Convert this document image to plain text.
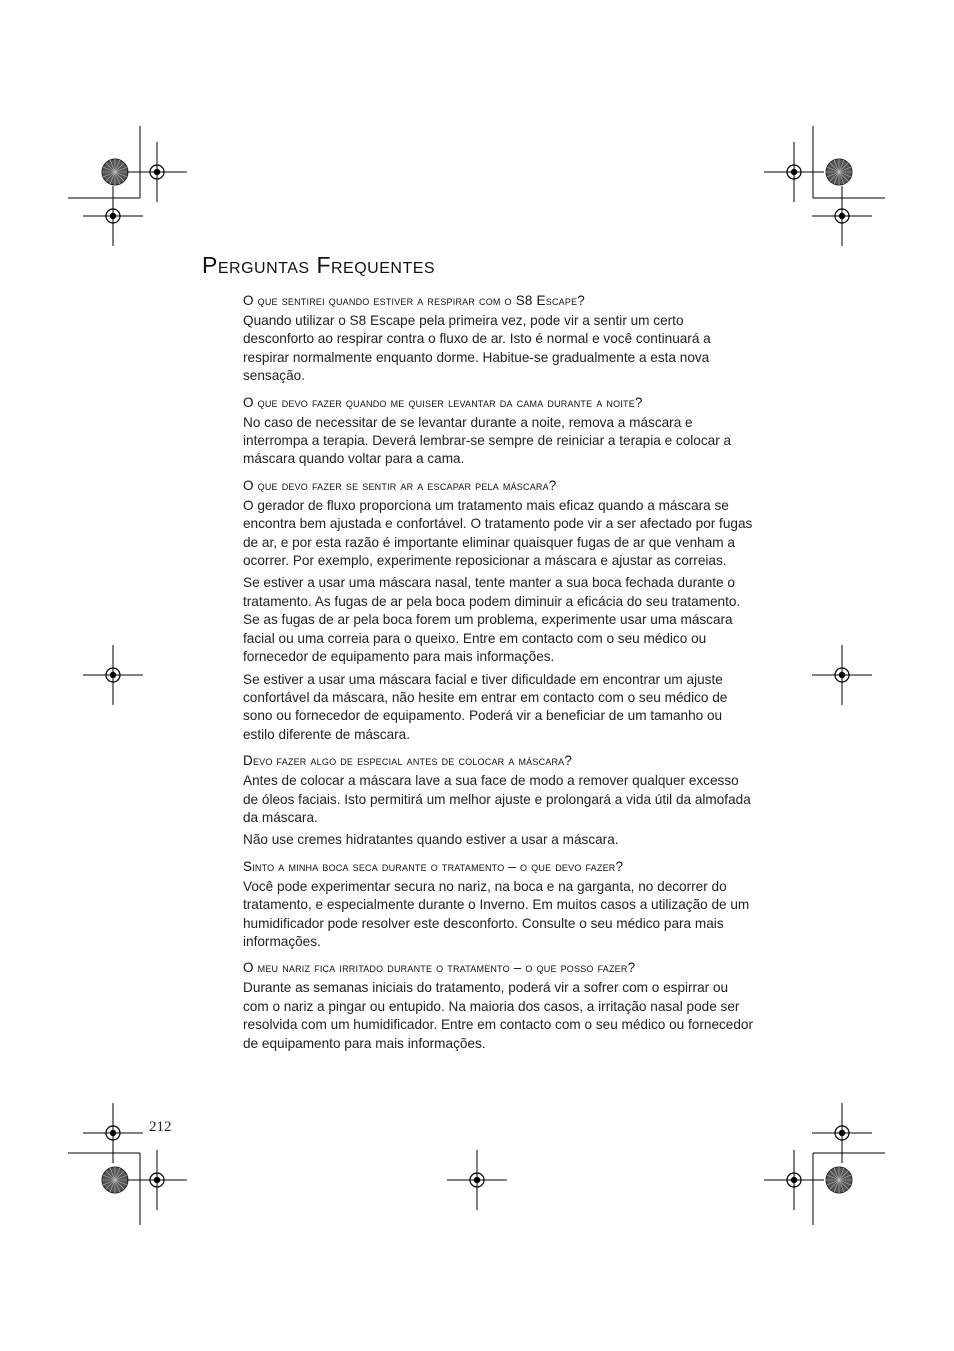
Perguntas Frequentes
O que sentirei quando estiver a respirar com o S8 Escape?

Quando utilizar o S8 Escape pela primeira vez, pode vir a sentir um certo desconforto ao respirar contra o fluxo de ar. Isto é normal e você continuará a respirar normalmente enquanto dorme. Habitue-se gradualmente a esta nova sensação.

O que devo fazer quando me quiser levantar da cama durante a noite?

No caso de necessitar de se levantar durante a noite, remova a máscara e interrompa a terapia. Deverá lembrar-se sempre de reiniciar a terapia e colocar a máscara quando voltar para a cama.

O que devo fazer se sentir ar a escapar pela máscara?

O gerador de fluxo proporciona um tratamento mais eficaz quando a máscara se encontra bem ajustada e confortável. O tratamento pode vir a ser afectado por fugas de ar, e por esta razão é importante eliminar quaisquer fugas de ar que venham a ocorrer. Por exemplo, experimente reposicionar a máscara e ajustar as correias.

Se estiver a usar uma máscara nasal, tente manter a sua boca fechada durante o tratamento. As fugas de ar pela boca podem diminuir a eficácia do seu tratamento. Se as fugas de ar pela boca forem um problema, experimente usar uma máscara facial ou uma correia para o queixo. Entre em contacto com o seu médico ou fornecedor de equipamento para mais informações.

Se estiver a usar uma máscara facial e tiver dificuldade em encontrar um ajuste confortável da máscara, não hesite em entrar em contacto com o seu médico de sono ou fornecedor de equipamento. Poderá vir a beneficiar de um tamanho ou estilo diferente de máscara.

Devo fazer algo de especial antes de colocar a máscara?

Antes de colocar a máscara lave a sua face de modo a remover qualquer excesso de óleos faciais. Isto permitirá um melhor ajuste e prolongará a vida útil da almofada da máscara.

Não use cremes hidratantes quando estiver a usar a máscara.

Sinto a minha boca seca durante o tratamento – o que devo fazer?

Você pode experimentar secura no nariz, na boca e na garganta, no decorrer do tratamento, e especialmente durante o Inverno. Em muitos casos a utilização de um humidificador pode resolver este desconforto. Consulte o seu médico para mais informações.

O meu nariz fica irritado durante o tratamento – o que posso fazer?

Durante as semanas iniciais do tratamento, poderá vir a sofrer com o espirrar ou com o nariz a pingar ou entupido. Na maioria dos casos, a irritação nasal pode ser resolvida com um humidificador. Entre em contacto com o seu médico ou fornecedor de equipamento para mais informações.

212
